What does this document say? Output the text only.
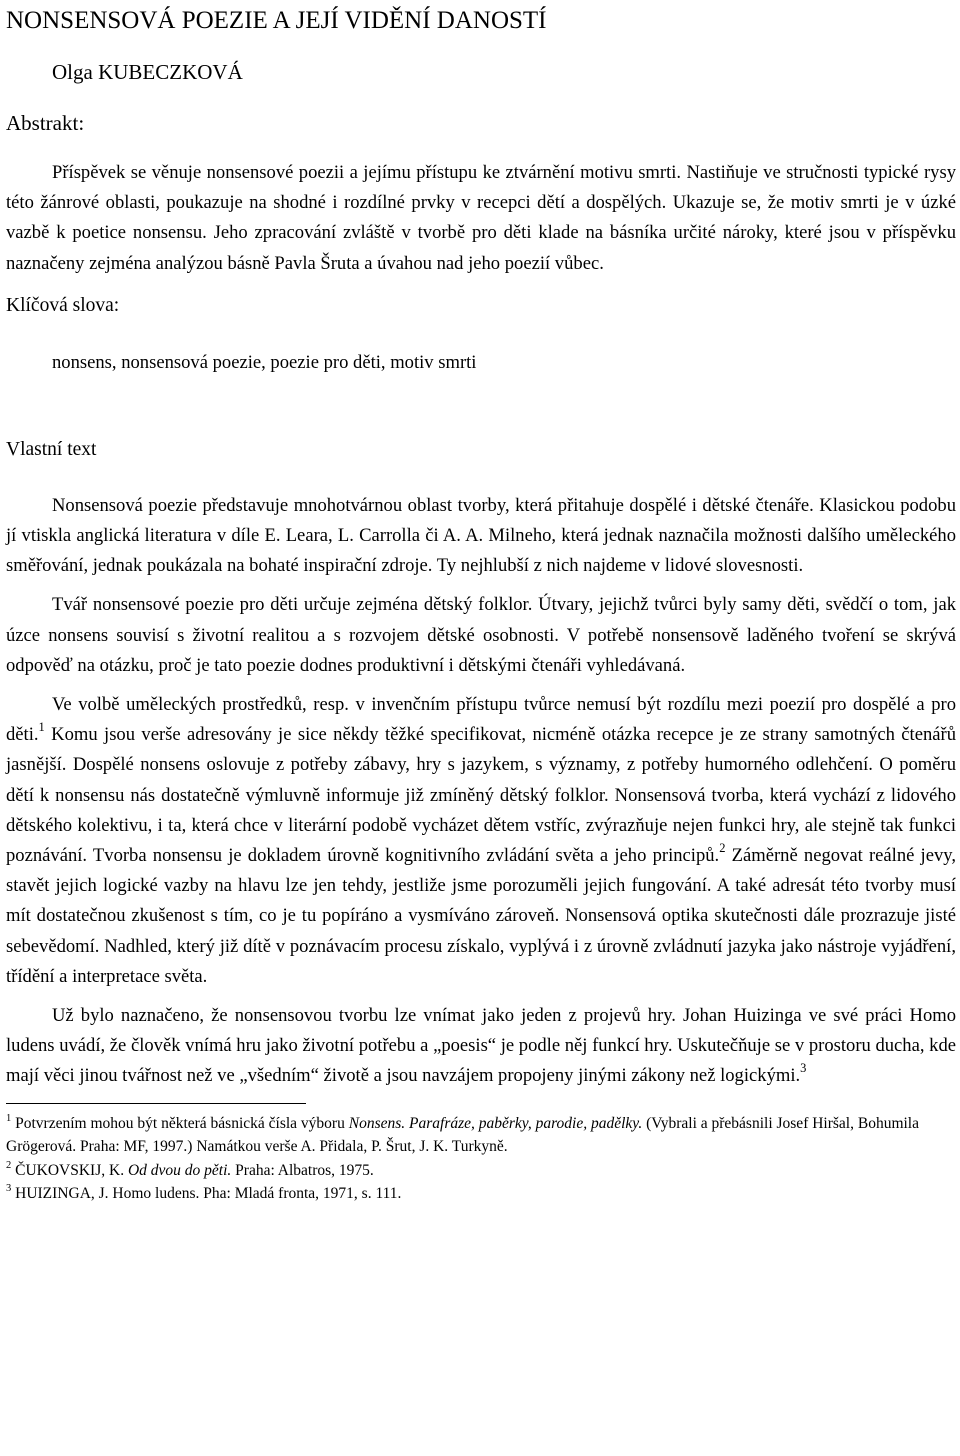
NONSENSOVÁ POEZIE A JEJÍ VIDĚNÍ DANOSTÍ
Olga KUBECZKOVÁ
Abstrakt:

Příspěvek se věnuje nonsensové poezii a jejímu přístupu ke ztvárnění motivu smrti. Nastiňuje ve stručnosti typické rysy této žánrové oblasti, poukazuje na shodné i rozdílné prvky v recepci dětí a dospělých. Ukazuje se, že motiv smrti je v úzké vazbě k poetice nonsensu. Jeho zpracování zvláště v tvorbě pro děti klade na básníka určité nároky, které jsou v příspěvku naznačeny zejména analýzou básně Pavla Šruta a úvahou nad jeho poezií vůbec.

Klíčová slova:
nonsens, nonsensová poezie, poezie pro děti, motiv smrti
Vlastní text

Nonsensová poezie představuje mnohotvárnou oblast tvorby, která přitahuje dospělé i dětské čtenáře. Klasickou podobu jí vtiskla anglická literatura v díle E. Leara, L. Carrolla či A. A. Milneho, která jednak naznačila možnosti dalšího uměleckého směřování, jednak poukázala na bohaté inspirační zdroje. Ty nejhlubší z nich najdeme v lidové slovesnosti.

Tvář nonsensové poezie pro děti určuje zejména dětský folklor. Útvary, jejichž tvůrci byly samy děti, svědčí o tom, jak úzce nonsens souvisí s životní realitou a s rozvojem dětské osobnosti. V potřebě nonsensově laděného tvoření se skrývá odpověď na otázku, proč je tato poezie dodnes produktivní i dětskými čtenáři vyhledávaná.

Ve volbě uměleckých prostředků, resp. v invenčním přístupu tvůrce nemusí být rozdílu mezi poezií pro dospělé a pro děti.$^1$ Komu jsou verše adresovány je sice někdy těžké specifikovat, nicméně otázka recepce je ze strany samotných čtenářů jasnější. Dospělé nonsens oslovuje z potřeby zábavy, hry s jazykem, s významy, z potřeby humorného odlehčení. O poměru dětí k nonsensu nás dostatečně výmluvně informuje již zmíněný dětský folklor. Nonsensová tvorba, která vychází z lidového dětského kolektivu, i ta, která chce v literární podobě vycházet dětem vstříc, zvýrazňuje nejen funkci hry, ale stejně tak funkci poznávání. Tvorba nonsensu je dokladem úrovně kognitivního zvládání světa a jeho principů.$^2$ Záměrně negovat reálné jevy, stavět jejich logické vazby na hlavu lze jen tehdy, jestliže jsme porozuměli jejich fungování. A také adresát této tvorby musí mít dostatečnou zkušenost s tím, co je tu popíráno a vysmíváno zároveň. Nonsensová optika skutečnosti dále prozrazuje jisté sebevědomí. Nadhled, který již dítě v poznávacím procesu získalo, vyplývá i z úrovně zvládnutí jazyka jako nástroje vyjádření, třídění a interpretace světa.

Už bylo naznačeno, že nonsensovou tvorbu lze vnímat jako jeden z projevů hry. Johan Huizinga ve své práci Homo ludens uvádí, že člověk vnímá hru jako životní potřebu a „poesis“ je podle něj funkcí hry. Uskutečňuje se v prostoru ducha, kde mají věci jinou tvářnost než ve „všedním“ životě a jsou navzájem propojeny jinými zákony než logickými.$^3$

$^1$ Potvrzením mohou být některá básnická čísla výboru Nonsens. Parafráze, paběrky, parodie, padělky. (Vybrali a přebásnili Josef Hiršal, Bohumila Grögerová. Praha: MF, 1997.) Namátkou verše A. Přidala, P. Šrut, J. K. Turkyně.

$^2$ ČUKOVSKIJ, K. Od dvou do pěti. Praha: Albatros, 1975.

$^3$ HUIZINGA, J. Homo ludens. Pha: Mladá fronta, 1971, s. 111.
